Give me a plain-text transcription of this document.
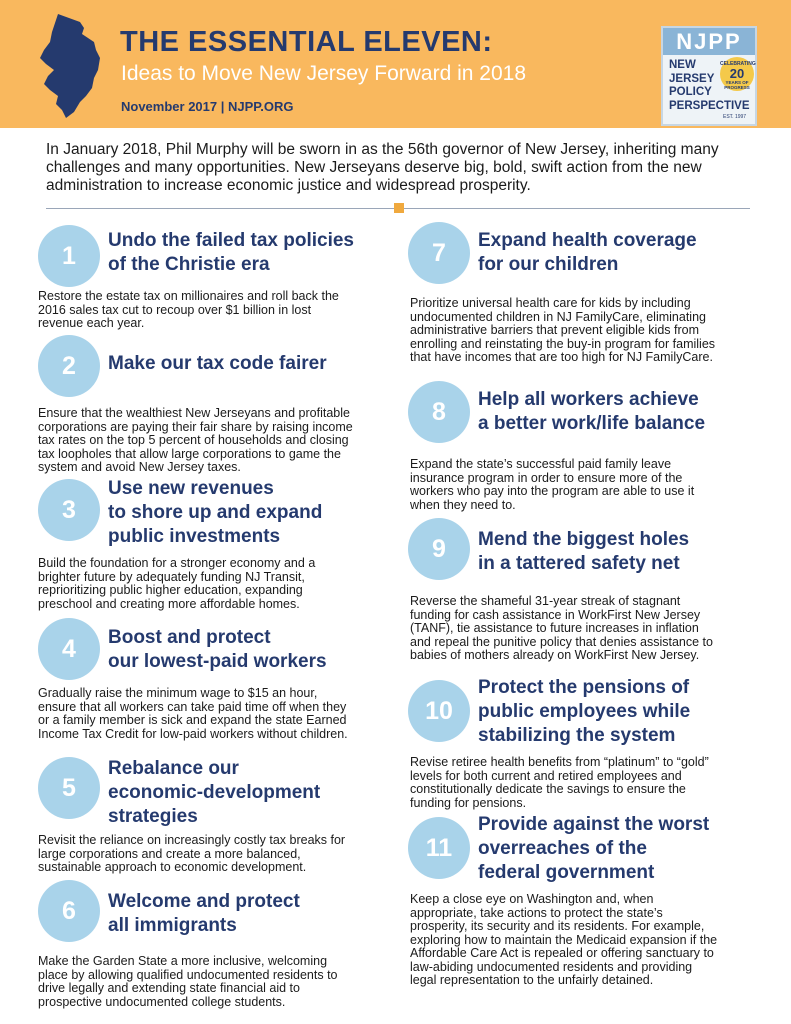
THE ESSENTIAL ELEVEN:
Ideas to Move New Jersey Forward in 2018
November 2017 | NJPP.ORG
NJPP
NEW
JERSEY
POLICY
PERSPECTIVE
CELEBRATING
20
YEARS OF PROGRESS
EST. 1997
In January 2018, Phil Murphy will be sworn in as the 56th governor of New Jersey, inheriting many challenges and many opportunities. New Jerseyans deserve big, bold, swift action from the new administration to increase economic justice and widespread prosperity.
1
Undo the failed tax policies
of the Christie era
Restore the estate tax on millionaires and roll back the
2016 sales tax cut to recoup over $1 billion in lost
revenue each year.
2	Make our tax code fairer
Ensure that the wealthiest New Jerseyans and profitable
corporations are paying their fair share by raising income
tax rates on the top 5 percent of households and closing
tax loopholes that allow large corporations to game the
system and avoid New Jersey taxes.
3
Use new revenues
to shore up and expand
public investments
Build the foundation for a stronger economy and a
brighter future by adequately funding NJ Transit,
reprioritizing public higher education, expanding
preschool and creating more affordable homes.
4	Boost and protect
our lowest-paid workers
Gradually raise the minimum wage to $15 an hour,
ensure that all workers can take paid time off when they
or a family member is sick and expand the state Earned
Income Tax Credit for low-paid workers without children.
5
Rebalance our
economic-development
strategies
Revisit the reliance on increasingly costly tax breaks for
large corporations and create a more balanced,
sustainable approach to economic development.
6	Welcome and protect
all immigrants
Make the Garden State a more inclusive, welcoming
place by allowing qualified undocumented residents to
drive legally and extending state financial aid to
prospective undocumented college students.
7	Expand health coverage
for our children
Prioritize universal health care for kids by including
undocumented children in NJ FamilyCare, eliminating
administrative barriers that prevent eligible kids from
enrolling and reinstating the buy-in program for families
that have incomes that are too high for NJ FamilyCare.
8	Help all workers achieve
a better work/life balance
Expand the state’s successful paid family leave
insurance program in order to ensure more of the
workers who pay into the program are able to use it
when they need to.
9	Mend the biggest holes
in a tattered safety net
Reverse the shameful 31-year streak of stagnant
funding for cash assistance in WorkFirst New Jersey
(TANF), tie assistance to future increases in inflation
and repeal the punitive policy that denies assistance to
babies of mothers already on WorkFirst New Jersey.
10
Protect the pensions of
public employees while
stabilizing the system
Revise retiree health benefits from “platinum” to “gold”
levels for both current and retired employees and
constitutionally dedicate the savings to ensure the
funding for pensions.
11
Provide against the worst
overreaches of the
federal government
Keep a close eye on Washington and, when
appropriate, take actions to protect the state’s
prosperity, its security and its residents. For example,
exploring how to maintain the Medicaid expansion if the
Affordable Care Act is repealed or offering sanctuary to
law-abiding undocumented residents and providing
legal representation to the unfairly detained.
